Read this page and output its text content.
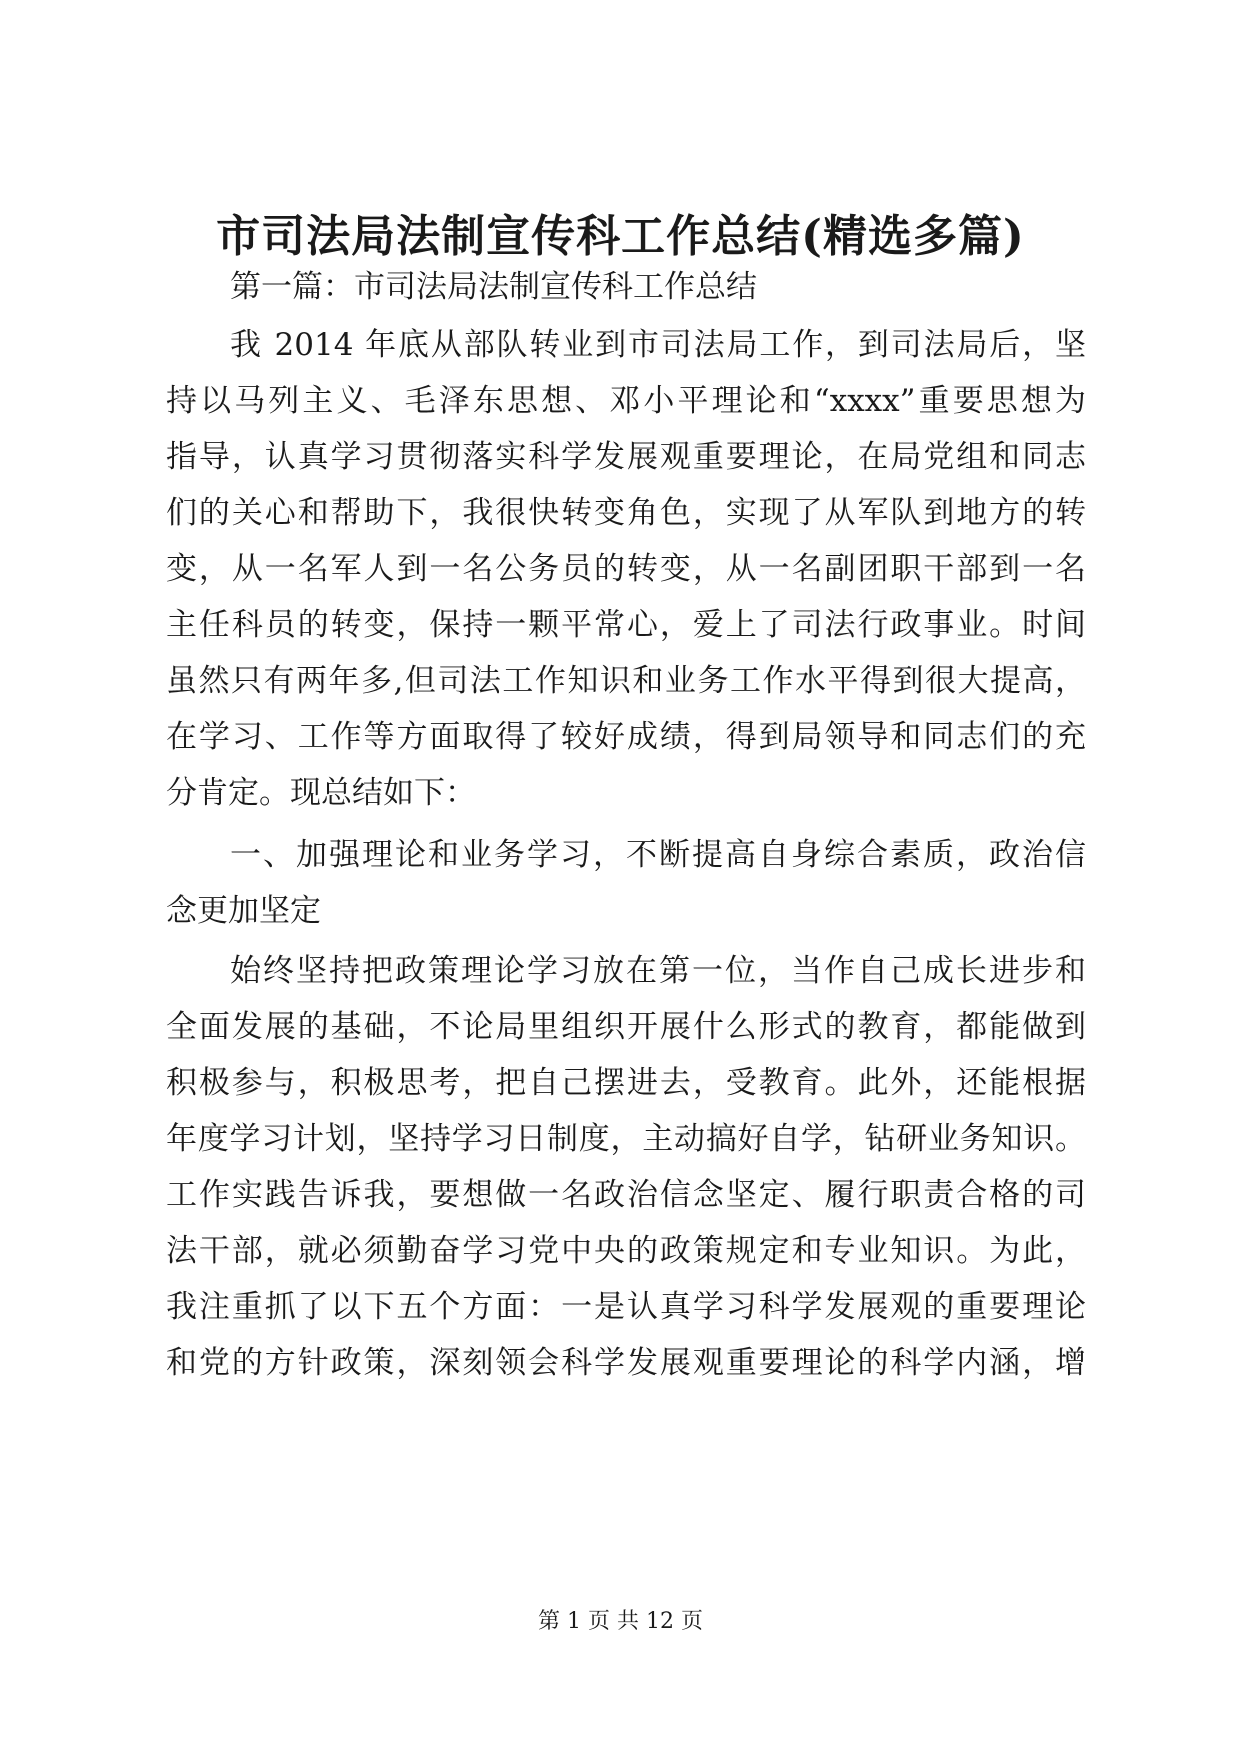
市司法局法制宣传科工作总结(精选多篇)
第一篇：市司法局法制宣传科工作总结
我 2014 年底从部队转业到市司法局工作，到司法局后，坚
持以马列主义、毛泽东思想、邓小平理论和“xxxx”重要思想为
指导，认真学习贯彻落实科学发展观重要理论，在局党组和同志
们的关心和帮助下，我很快转变角色，实现了从军队到地方的转
变，从一名军人到一名公务员的转变，从一名副团职干部到一名
主任科员的转变，保持一颗平常心，爱上了司法行政事业。时间
虽然只有两年多,但司法工作知识和业务工作水平得到很大提高，
在学习、工作等方面取得了较好成绩，得到局领导和同志们的充
分肯定。现总结如下：
一、加强理论和业务学习，不断提高自身综合素质，政治信
念更加坚定
始终坚持把政策理论学习放在第一位，当作自己成长进步和
全面发展的基础，不论局里组织开展什么形式的教育，都能做到
积极参与，积极思考，把自己摆进去，受教育。此外，还能根据
年度学习计划，坚持学习日制度，主动搞好自学，钻研业务知识。
工作实践告诉我，要想做一名政治信念坚定、履行职责合格的司
法干部，就必须勤奋学习党中央的政策规定和专业知识。为此，
我注重抓了以下五个方面：一是认真学习科学发展观的重要理论
和党的方针政策，深刻领会科学发展观重要理论的科学内涵，增
第 1 页 共 12 页
